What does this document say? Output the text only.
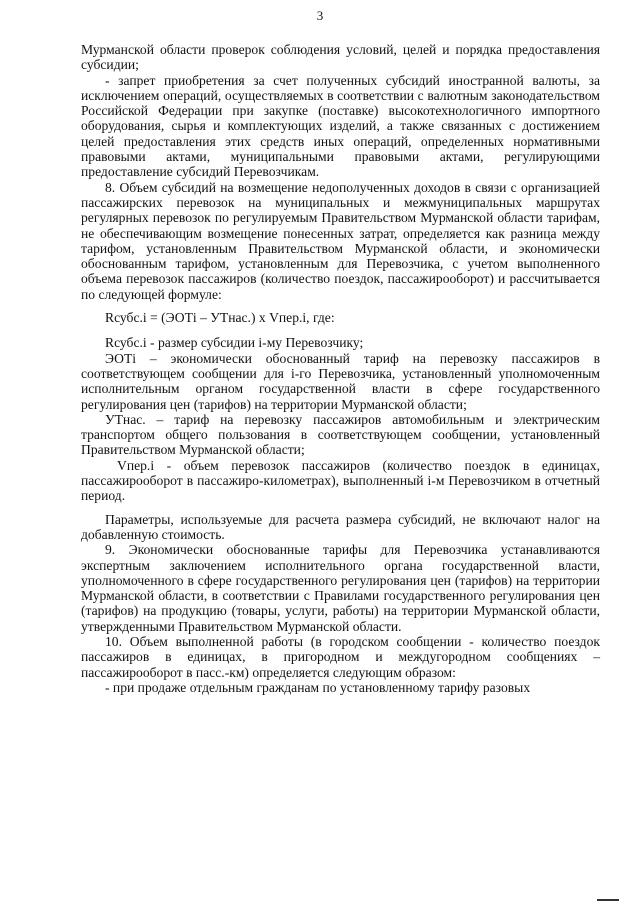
3

Мурманской области проверок соблюдения условий, целей и порядка предоставления субсидии;

- запрет приобретения за счет полученных субсидий иностранной валюты, за исключением операций, осуществляемых в соответствии с валютным законодательством Российской Федерации при закупке (поставке) высокотехнологичного импортного оборудования, сырья и комплектующих изделий, а также связанных с достижением целей предоставления этих средств иных операций, определенных нормативными правовыми актами, муниципальными правовыми актами, регулирующими предоставление субсидий Перевозчикам.

8. Объем субсидий на возмещение недополученных доходов в связи с организацией пассажирских перевозок на муниципальных и межмуниципальных маршрутах регулярных перевозок по регулируемым Правительством Мурманской области тарифам, не обеспечивающим возмещение понесенных затрат, определяется как разница между тарифом, установленным Правительством Мурманской области, и экономически обоснованным тарифом, установленным для Перевозчика, с учетом выполненного объема перевозок пассажиров (количество поездок, пассажирооборот) и рассчитывается по следующей формуле:

Rсубс.i = (ЭОТi – УТнас.) х Vпер.i, где:

Rсубс.i - размер субсидии i-му Перевозчику;

ЭОТi – экономически обоснованный тариф на перевозку пассажиров в соответствующем сообщении для i-го Перевозчика, установленный уполномоченным исполнительным органом государственной власти в сфере государственного регулирования цен (тарифов) на территории Мурманской области;

УТнас. – тариф на перевозку пассажиров автомобильным и электрическим транспортом общего пользования в соответствующем сообщении, установленный Правительством Мурманской области;

Vпер.i - объем перевозок пассажиров (количество поездок в единицах, пассажирооборот в пассажиро-километрах), выполненный i-м Перевозчиком в отчетный период.

Параметры, используемые для расчета размера субсидий, не включают налог на добавленную стоимость.

9. Экономически обоснованные тарифы для Перевозчика устанавливаются экспертным заключением исполнительного органа государственной власти, уполномоченного в сфере государственного регулирования цен (тарифов) на территории Мурманской области, в соответствии с Правилами государственного регулирования цен (тарифов) на продукцию (товары, услуги, работы) на территории Мурманской области, утвержденными Правительством Мурманской области.

10. Объем выполненной работы (в городском сообщении - количество поездок пассажиров в единицах, в пригородном и междугородном сообщениях – пассажирооборот в пасс.-км) определяется следующим образом:

- при продаже отдельным гражданам по установленному тарифу разовых
